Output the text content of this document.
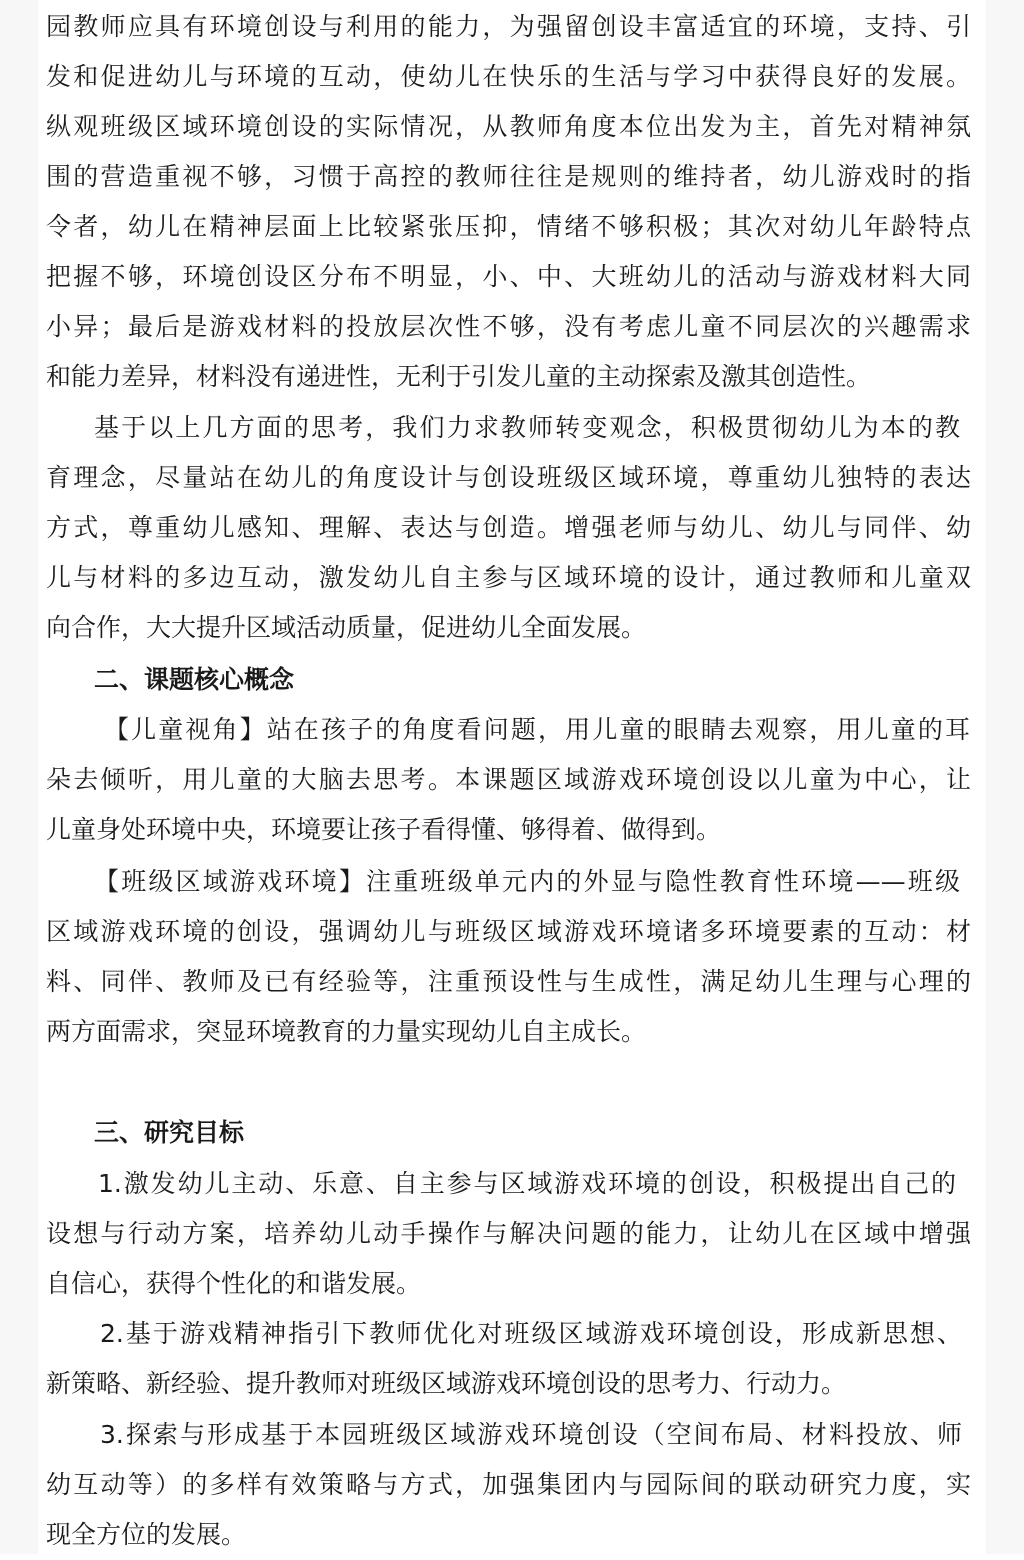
园教师应具有环境创设与利用的能力，为强留创设丰富适宜的环境，支持、引
发和促进幼儿与环境的互动，使幼儿在快乐的生活与学习中获得良好的发展。
纵观班级区域环境创设的实际情况，从教师角度本位出发为主，首先对精神氛
围的营造重视不够，习惯于高控的教师往往是规则的维持者，幼儿游戏时的指
令者，幼儿在精神层面上比较紧张压抑，情绪不够积极；其次对幼儿年龄特点
把握不够，环境创设区分布不明显，小、中、大班幼儿的活动与游戏材料大同
小异；最后是游戏材料的投放层次性不够，没有考虑儿童不同层次的兴趣需求
和能力差异，材料没有递进性，无利于引发儿童的主动探索及激其创造性。
基于以上几方面的思考，我们力求教师转变观念，积极贯彻幼儿为本的教
育理念，尽量站在幼儿的角度设计与创设班级区域环境，尊重幼儿独特的表达
方式，尊重幼儿感知、理解、表达与创造。增强老师与幼儿、幼儿与同伴、幼
儿与材料的多边互动，激发幼儿自主参与区域环境的设计，通过教师和儿童双
向合作，大大提升区域活动质量，促进幼儿全面发展。
二、课题核心概念
【儿童视角】站在孩子的角度看问题，用儿童的眼睛去观察，用儿童的耳
朵去倾听，用儿童的大脑去思考。本课题区域游戏环境创设以儿童为中心，让
儿童身处环境中央，环境要让孩子看得懂、够得着、做得到。
【班级区域游戏环境】注重班级单元内的外显与隐性教育性环境——班级
区域游戏环境的创设，强调幼儿与班级区域游戏环境诸多环境要素的互动：材
料、同伴、教师及已有经验等，注重预设性与生成性，满足幼儿生理与心理的
两方面需求，突显环境教育的力量实现幼儿自主成长。
三、研究目标
1.激发幼儿主动、乐意、自主参与区域游戏环境的创设，积极提出自己的
设想与行动方案，培养幼儿动手操作与解决问题的能力，让幼儿在区域中增强
自信心，获得个性化的和谐发展。
2.基于游戏精神指引下教师优化对班级区域游戏环境创设，形成新思想、
新策略、新经验、提升教师对班级区域游戏环境创设的思考力、行动力。
3.探索与形成基于本园班级区域游戏环境创设（空间布局、材料投放、师
幼互动等）的多样有效策略与方式，加强集团内与园际间的联动研究力度，实
现全方位的发展。
